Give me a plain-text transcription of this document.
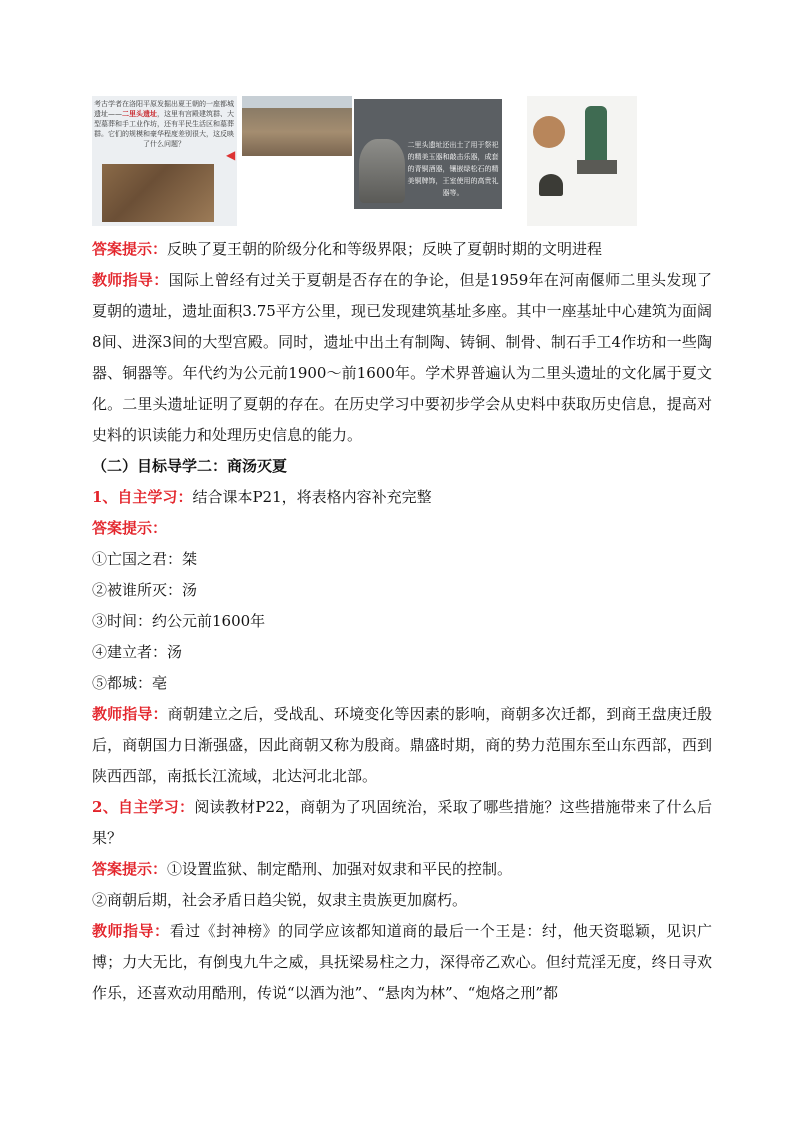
考古学者在洛阳平原发掘出夏王朝的一座都城遗址——二里头遗址，这里有宫殿建筑群、大型墓葬和手工业作坊，还有平民生活区和墓葬群。它们的规模和豪华程度差别很大，这反映了什么问题？
◀
二里头遗址还出土了用于祭祀的精美玉器和敲击乐器，成套的青铜酒器，镶嵌绿松石的精美铜牌饰，王室使用的高贵礼器等。

答案提示：反映了夏王朝的阶级分化和等级界限；反映了夏朝时期的文明进程

教师指导：国际上曾经有过关于夏朝是否存在的争论，但是1959年在河南偃师二里头发现了夏朝的遗址，遗址面积3.75平方公里，现已发现建筑基址多座。其中一座基址中心建筑为面阔8间、进深3间的大型宫殿。同时，遗址中出土有制陶、铸铜、制骨、制石手工4作坊和一些陶器、铜器等。年代约为公元前1900～前1600年。学术界普遍认为二里头遗址的文化属于夏文化。二里头遗址证明了夏朝的存在。在历史学习中要初步学会从史料中获取历史信息，提高对史料的识读能力和处理历史信息的能力。

（二）目标导学二：商汤灭夏

1、自主学习：结合课本P21，将表格内容补充完整

答案提示：

①亡国之君：桀

②被谁所灭：汤

③时间：约公元前1600年

④建立者：汤

⑤都城：亳

教师指导：商朝建立之后，受战乱、环境变化等因素的影响，商朝多次迁都，到商王盘庚迁殷后，商朝国力日渐强盛，因此商朝又称为殷商。鼎盛时期，商的势力范围东至山东西部，西到陕西西部，南抵长江流域，北达河北北部。

2、自主学习：阅读教材P22，商朝为了巩固统治，采取了哪些措施？这些措施带来了什么后果？

答案提示：①设置监狱、制定酷刑、加强对奴隶和平民的控制。

②商朝后期，社会矛盾日趋尖锐，奴隶主贵族更加腐朽。

教师指导：看过《封神榜》的同学应该都知道商的最后一个王是：纣，他天资聪颖，见识广博；力大无比，有倒曳九牛之威，具抚梁易柱之力，深得帝乙欢心。但纣荒淫无度，终日寻欢作乐，还喜欢动用酷刑，传说“以酒为池”、“悬肉为林”、“炮烙之刑”都
